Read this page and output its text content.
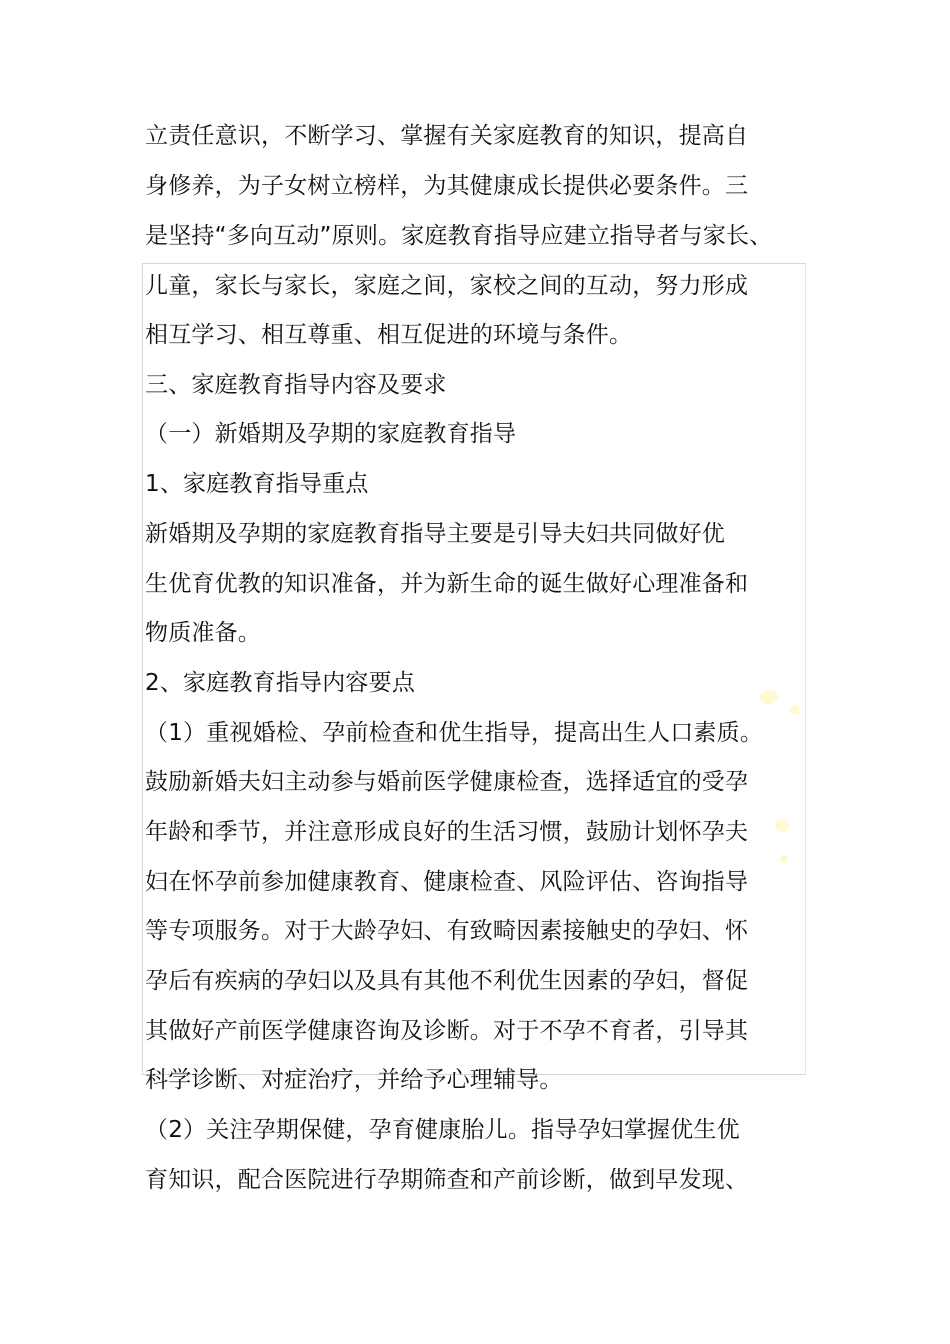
立责任意识，不断学习、掌握有关家庭教育的知识，提高自
身修养，为子女树立榜样，为其健康成长提供必要条件。三
是坚持“多向互动”原则。家庭教育指导应建立指导者与家长、
儿童，家长与家长，家庭之间，家校之间的互动，努力形成
相互学习、相互尊重、相互促进的环境与条件。
三、家庭教育指导内容及要求
（一）新婚期及孕期的家庭教育指导
1、家庭教育指导重点
新婚期及孕期的家庭教育指导主要是引导夫妇共同做好优
生优育优教的知识准备，并为新生命的诞生做好心理准备和
物质准备。
2、家庭教育指导内容要点
（1）重视婚检、孕前检查和优生指导，提高出生人口素质。
鼓励新婚夫妇主动参与婚前医学健康检查，选择适宜的受孕
年龄和季节，并注意形成良好的生活习惯，鼓励计划怀孕夫
妇在怀孕前参加健康教育、健康检查、风险评估、咨询指导
等专项服务。对于大龄孕妇、有致畸因素接触史的孕妇、怀
孕后有疾病的孕妇以及具有其他不利优生因素的孕妇，督促
其做好产前医学健康咨询及诊断。对于不孕不育者，引导其
科学诊断、对症治疗，并给予心理辅导。
（2）关注孕期保健，孕育健康胎儿。指导孕妇掌握优生优
育知识，配合医院进行孕期筛查和产前诊断，做到早发现、
